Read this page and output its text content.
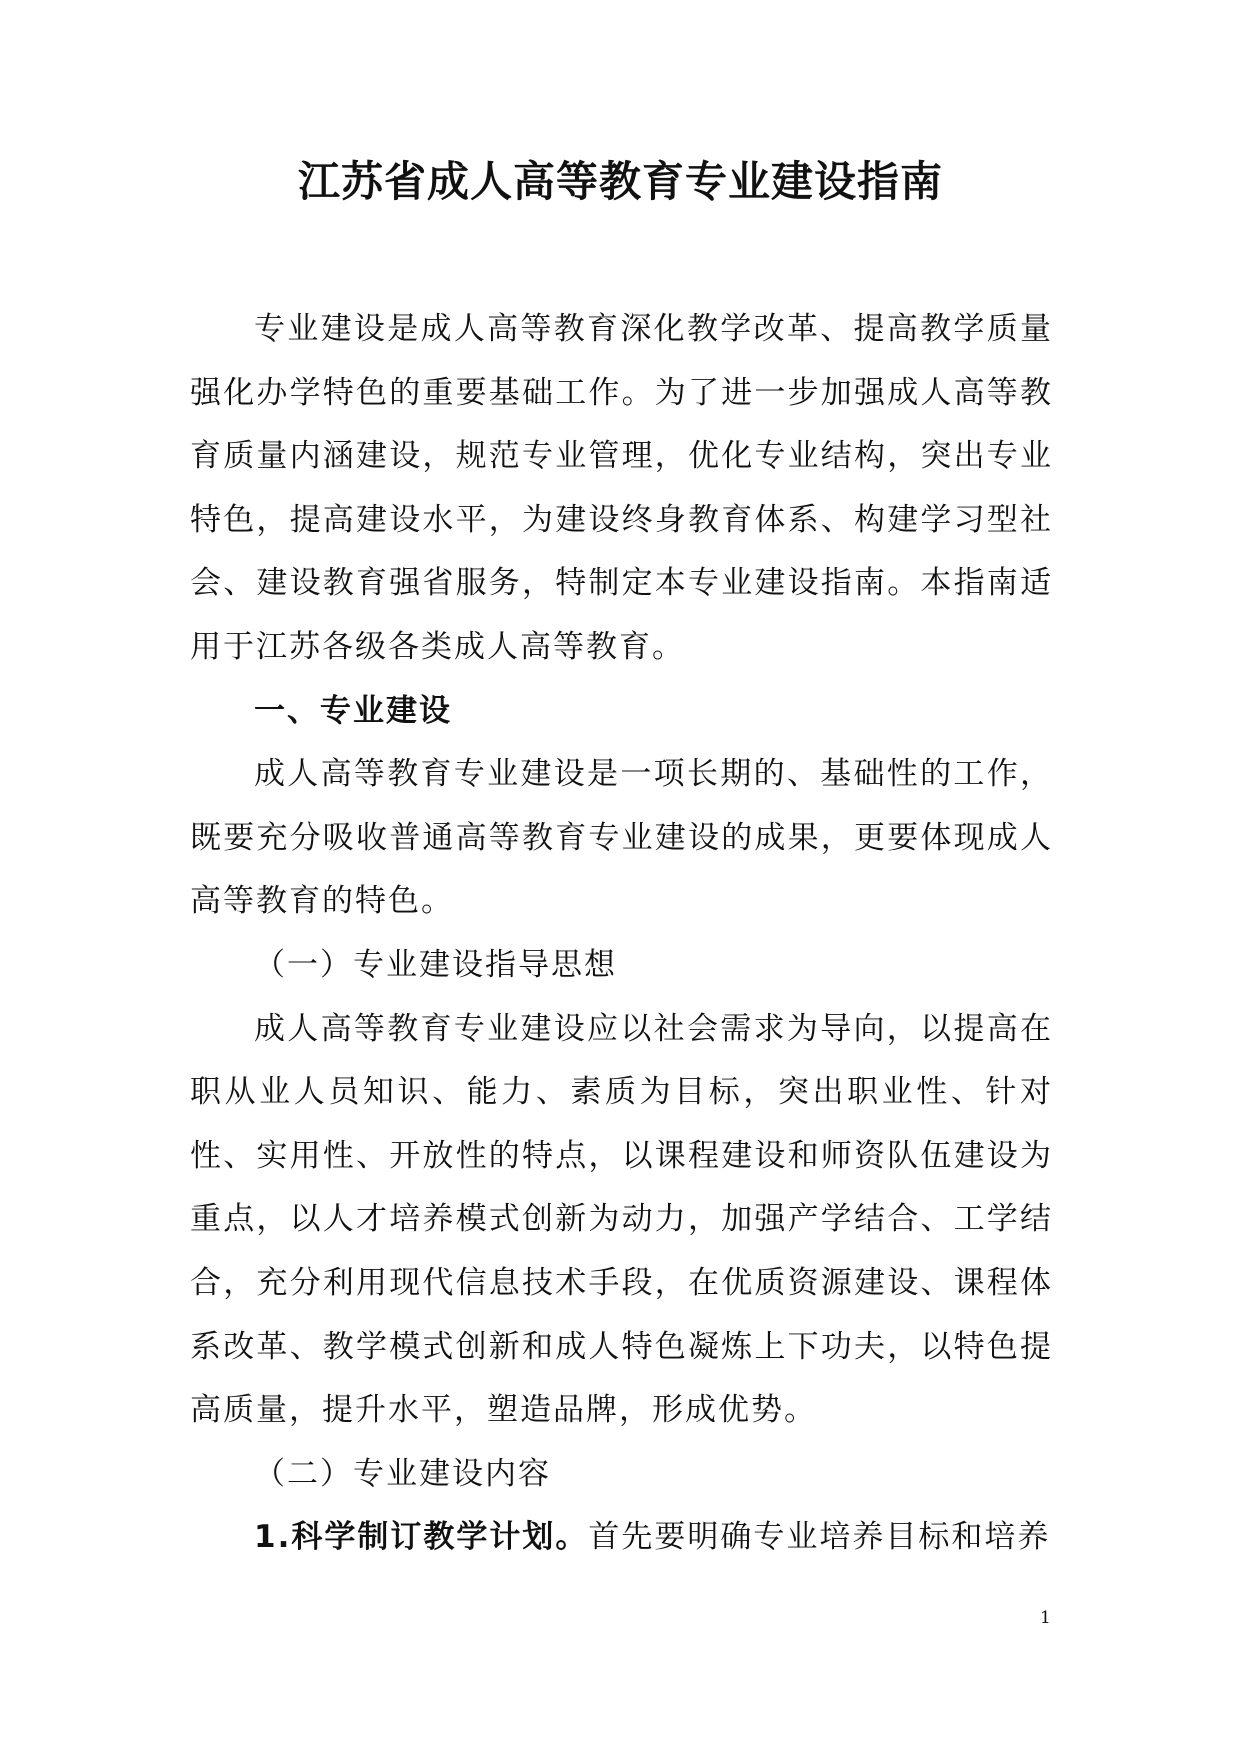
江苏省成人高等教育专业建设指南

专业建设是成人高等教育深化教学改革、提高教学质量强化办学特色的重要基础工作。为了进一步加强成人高等教育质量内涵建设，规范专业管理，优化专业结构，突出专业特色，提高建设水平，为建设终身教育体系、构建学习型社会、建设教育强省服务，特制定本专业建设指南。本指南适用于江苏各级各类成人高等教育。

一、专业建设

成人高等教育专业建设是一项长期的、基础性的工作，既要充分吸收普通高等教育专业建设的成果，更要体现成人高等教育的特色。

（一）专业建设指导思想

成人高等教育专业建设应以社会需求为导向，以提高在职从业人员知识、能力、素质为目标，突出职业性、针对性、实用性、开放性的特点，以课程建设和师资队伍建设为重点，以人才培养模式创新为动力，加强产学结合、工学结合，充分利用现代信息技术手段，在优质资源建设、课程体系改革、教学模式创新和成人特色凝炼上下功夫，以特色提高质量，提升水平，塑造品牌，形成优势。

（二）专业建设内容

1.科学制订教学计划。首先要明确专业培养目标和培养

1
